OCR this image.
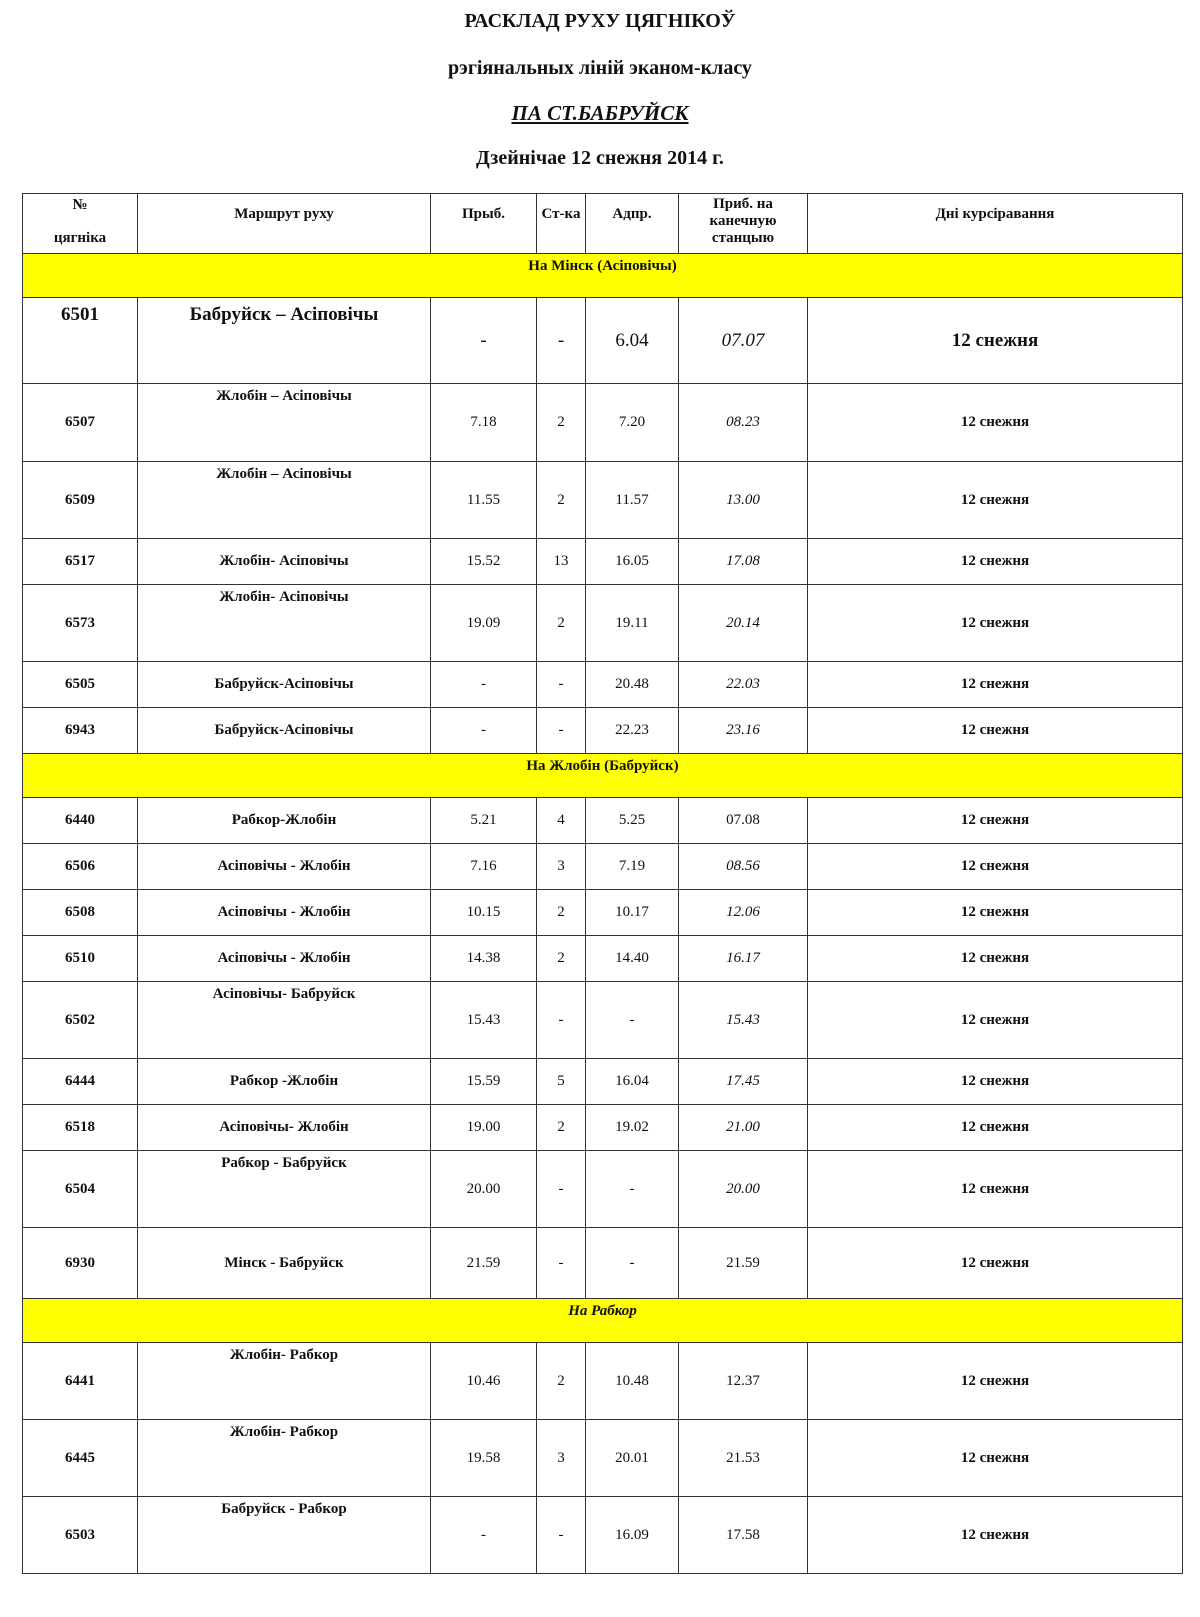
РАСКЛАД РУХУ ЦЯГНІКОЎ
рэгіянальных ліній эканом-класу
ПА СТ.БАБРУЙСК
Дзейнічае 12 снежня 2014 г.
№
цягніка	Маршрут руху	Прыб.	Ст-ка	Адпр.	Приб. на канечную станцыю	Дні курсіравання
На Мінск (Асіповічы)						
6501	Бабруйск – Асіповічы	-	-	6.04	07.07	12 снежня
6507	Жлобін – Асіповічы	7.18	2	7.20	08.23	12 снежня
6509	Жлобін – Асіповічы	11.55	2	11.57	13.00	12 снежня
6517	Жлобін- Асіповічы	15.52	13	16.05	17.08	12 снежня
6573	Жлобін- Асіповічы	19.09	2	19.11	20.14	12 снежня
6505	Бабруйск-Асіповічы	-	-	20.48	22.03	12 снежня
6943	Бабруйск-Асіповічы	-	-	22.23	23.16	12 снежня
На Жлобін (Бабруйск)						
6440	Рабкор-Жлобін	5.21	4	5.25	07.08	12 снежня
6506	Асіповічы - Жлобін	7.16	3	7.19	08.56	12 снежня
6508	Асіповічы - Жлобін	10.15	2	10.17	12.06	12 снежня
6510	Асіповічы - Жлобін	14.38	2	14.40	16.17	12 снежня
6502	Асіповічы- Бабруйск	15.43	-	-	15.43	12 снежня
6444	Рабкор -Жлобін	15.59	5	16.04	17.45	12 снежня
6518	Асіповічы- Жлобін	19.00	2	19.02	21.00	12 снежня
6504	Рабкор - Бабруйск	20.00	-	-	20.00	12 снежня
6930	Мінск - Бабруйск	21.59	-	-	21.59	12 снежня
На Рабкор						
6441	Жлобін- Рабкор	10.46	2	10.48	12.37	12 снежня
6445	Жлобін- Рабкор	19.58	3	20.01	21.53	12 снежня
6503	Бабруйск - Рабкор	-	-	16.09	17.58	12 снежня
